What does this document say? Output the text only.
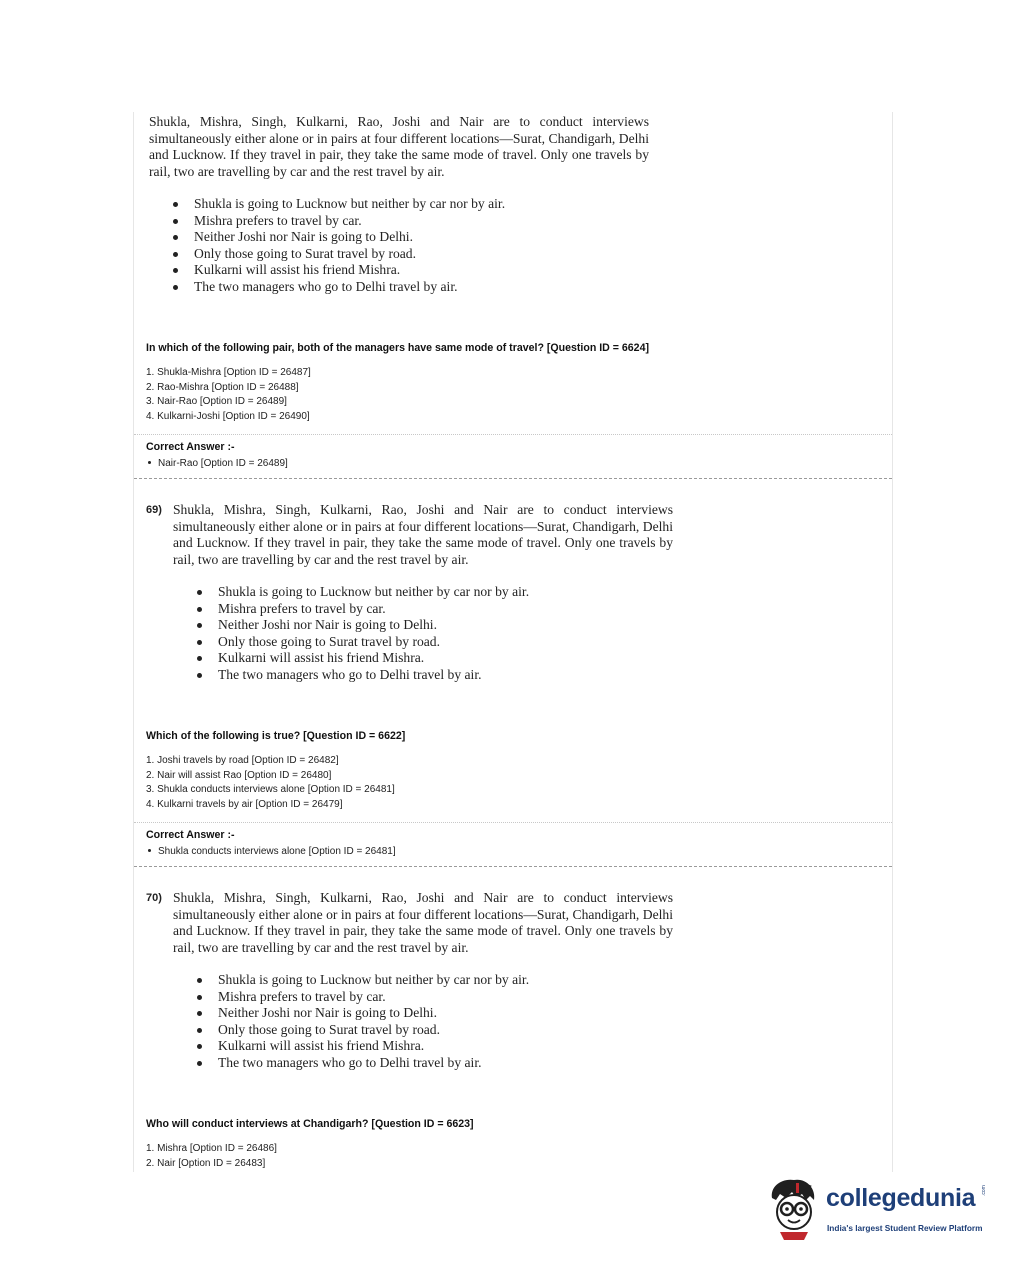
Shukla, Mishra, Singh, Kulkarni, Rao, Joshi and Nair are to conduct interviews simultaneously either alone or in pairs at four different locations—Surat, Chandigarh, Delhi and Lucknow. If they travel in pair, they take the same mode of travel. Only one travels by rail, two are travelling by car and the rest travel by air.
Shukla is going to Lucknow but neither by car nor by air.
Mishra prefers to travel by car.
Neither Joshi nor Nair is going to Delhi.
Only those going to Surat travel by road.
Kulkarni will assist his friend Mishra.
The two managers who go to Delhi travel by air.
In which of the following pair, both of the managers have same mode of travel? [Question ID = 6624]
1. Shukla-Mishra [Option ID = 26487]
2. Rao-Mishra [Option ID = 26488]
3. Nair-Rao [Option ID = 26489]
4. Kulkarni-Joshi [Option ID = 26490]
Correct Answer :-
Nair-Rao [Option ID = 26489]
69) Shukla, Mishra, Singh, Kulkarni, Rao, Joshi and Nair are to conduct interviews simultaneously either alone or in pairs at four different locations—Surat, Chandigarh, Delhi and Lucknow. If they travel in pair, they take the same mode of travel. Only one travels by rail, two are travelling by car and the rest travel by air.
Shukla is going to Lucknow but neither by car nor by air.
Mishra prefers to travel by car.
Neither Joshi nor Nair is going to Delhi.
Only those going to Surat travel by road.
Kulkarni will assist his friend Mishra.
The two managers who go to Delhi travel by air.
Which of the following is true? [Question ID = 6622]
1. Joshi travels by road [Option ID = 26482]
2. Nair will assist Rao [Option ID = 26480]
3. Shukla conducts interviews alone [Option ID = 26481]
4. Kulkarni travels by air [Option ID = 26479]
Correct Answer :-
Shukla conducts interviews alone [Option ID = 26481]
70) Shukla, Mishra, Singh, Kulkarni, Rao, Joshi and Nair are to conduct interviews simultaneously either alone or in pairs at four different locations—Surat, Chandigarh, Delhi and Lucknow. If they travel in pair, they take the same mode of travel. Only one travels by rail, two are travelling by car and the rest travel by air.
Shukla is going to Lucknow but neither by car nor by air.
Mishra prefers to travel by car.
Neither Joshi nor Nair is going to Delhi.
Only those going to Surat travel by road.
Kulkarni will assist his friend Mishra.
The two managers who go to Delhi travel by air.
Who will conduct interviews at Chandigarh? [Question ID = 6623]
1. Mishra [Option ID = 26486]
2. Nair [Option ID = 26483]
collegedunia .com
India's largest Student Review Platform
